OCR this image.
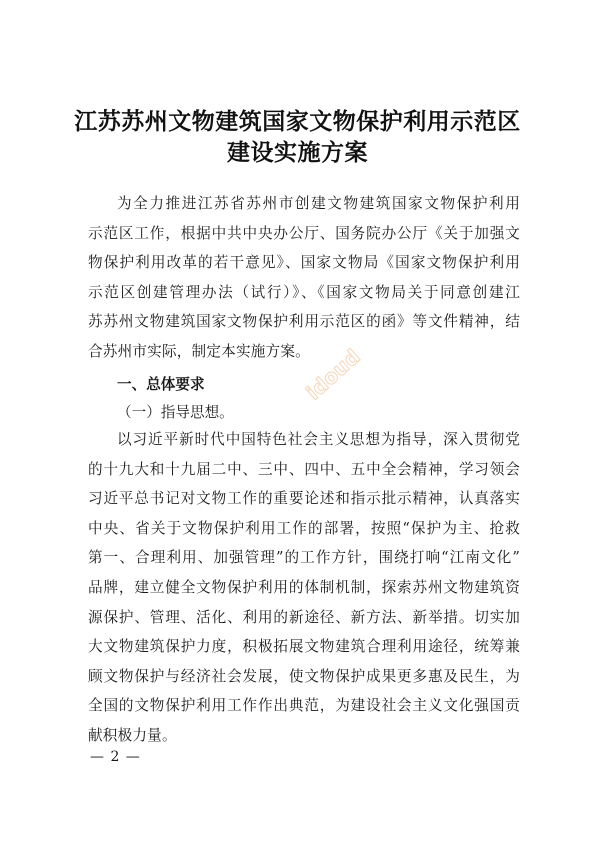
江苏苏州文物建筑国家文物保护利用示范区
建设实施方案
为全力推进江苏省苏州市创建文物建筑国家文物保护利用
示范区工作，根据中共中央办公厅、国务院办公厅《关于加强文
物保护利用改革的若干意见》、国家文物局《国家文物保护利用
示范区创建管理办法（试行）》、《国家文物局关于同意创建江
苏苏州文物建筑国家文物保护利用示范区的函》等文件精神，结
合苏州市实际，制定本实施方案。
一、总体要求
（一）指导思想。
以习近平新时代中国特色社会主义思想为指导，深入贯彻党
的十九大和十九届二中、三中、四中、五中全会精神，学习领会
习近平总书记对文物工作的重要论述和指示批示精神，认真落实
中央、省关于文物保护利用工作的部署，按照“保护为主、抢救
第一、合理利用、加强管理”的工作方针，围绕打响“江南文化”
品牌，建立健全文物保护利用的体制机制，探索苏州文物建筑资
源保护、管理、活化、利用的新途径、新方法、新举措。切实加
大文物建筑保护力度，积极拓展文物建筑合理利用途径，统筹兼
顾文物保护与经济社会发展，使文物保护成果更多惠及民生，为
全国的文物保护利用工作作出典范，为建设社会主义文化强国贡
献积极力量。
— 2 —
idoud
